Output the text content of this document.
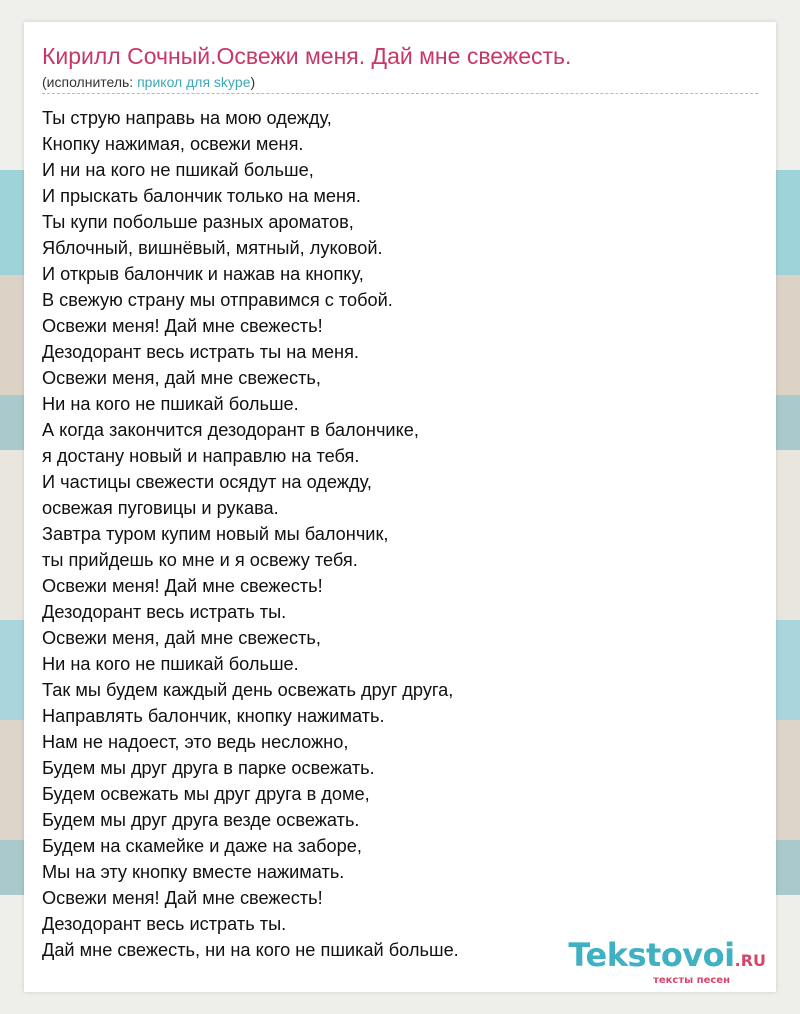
Кирилл Сочный.Освежи меня. Дай мне свежесть.
(исполнитель: прикол для skype)
Ты струю направь на мою одежду,
Кнопку нажимая, освежи меня.
И ни на кого не пшикай больше,
И прыскать балончик только на меня.
Ты купи побольше разных ароматов,
Яблочный, вишнёвый, мятный, луковой.
И открыв балончик и нажав на кнопку,
В свежую страну мы отправимся с тобой.
Освежи меня! Дай мне свежесть!
Дезодорант весь истрать ты на меня.
Освежи меня, дай мне свежесть,
Ни на кого не пшикай больше.
А когда закончится дезодорант в балончике,
я достану новый и направлю на тебя.
И частицы свежести осядут на одежду,
освежая пуговицы и рукава.
Завтра туром купим новый мы балончик,
ты прийдешь ко мне и я освежу тебя.
Освежи меня! Дай мне свежесть!
Дезодорант весь истрать ты.
Освежи меня, дай мне свежесть,
Ни на кого не пшикай больше.
Так мы будем каждый день освежать друг друга,
Направлять балончик, кнопку нажимать.
Нам не надоест, это ведь несложно,
Будем мы друг друга в парке освежать.
Будем освежать мы друг друга в доме,
Будем мы друг друга везде освежать.
Будем на скамейке и даже на заборе,
Мы на эту кнопку вместе нажимать.
Освежи меня! Дай мне свежесть!
Дезодорант весь истрать ты.
Дай мне свежесть, ни на кого не пшикай больше.	Tekstovoi.RU
тексты песен
